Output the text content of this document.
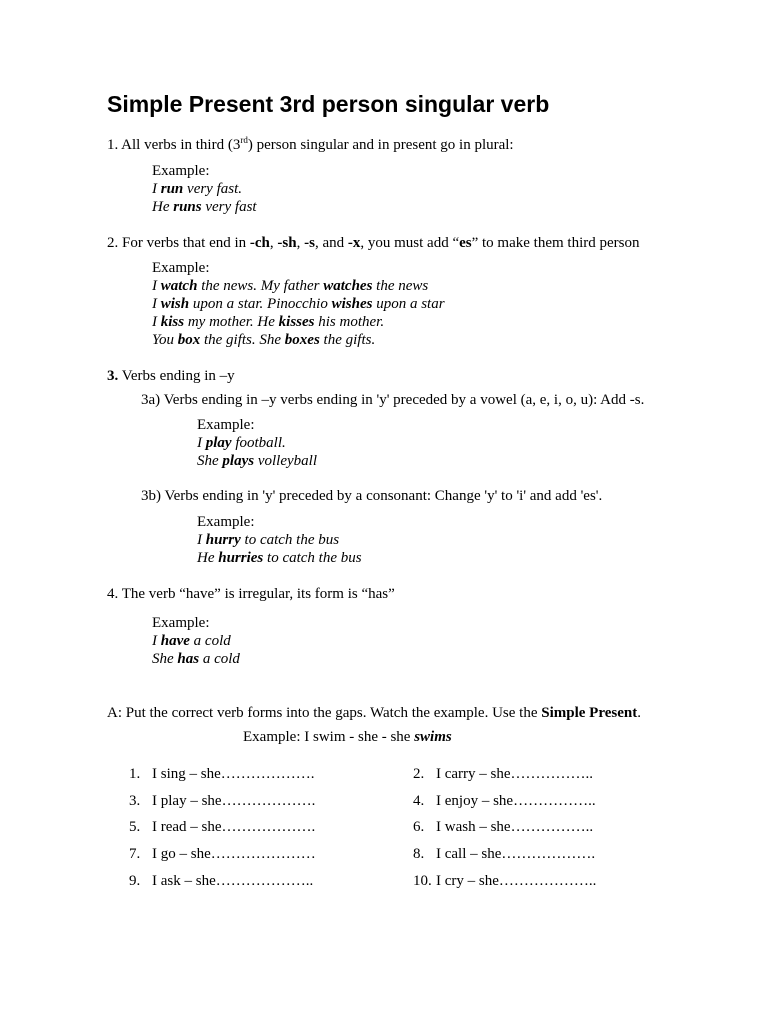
Simple Present 3rd person singular verb
1. All verbs in third (3rd) person singular and in present go in plural:
Example:
I run very fast.
He runs very fast
2. For verbs that end in -ch, -sh, -s, and -x, you must add “es” to make them third person
Example:
I watch the news. My father watches the news
I wish upon a star. Pinocchio wishes upon a star
I kiss my mother. He kisses his mother.
You box the gifts. She boxes the gifts.
3. Verbs ending in –y
3a) Verbs ending in –y verbs ending in 'y' preceded by a vowel (a, e, i, o, u): Add -s.
Example:
I play football.
She plays volleyball
3b) Verbs ending in 'y' preceded by a consonant: Change 'y' to 'i' and add 'es'.
Example:
I hurry to catch the bus
He hurries to catch the bus
4. The verb “have” is irregular, its form is “has”
Example:
I have a cold
She has a cold
A: Put the correct verb forms into the gaps. Watch the example. Use the Simple Present.
Example: I swim - she - she swims
1. I sing – she……………….	2. I carry – she……………..
3. I play – she……………….	4. I enjoy – she……………..
5. I read – she……………….	6. I wash – she……………..
7. I go – she…………………	8. I call – she……………….
9. I ask – she………………..	10. I cry – she………………..
